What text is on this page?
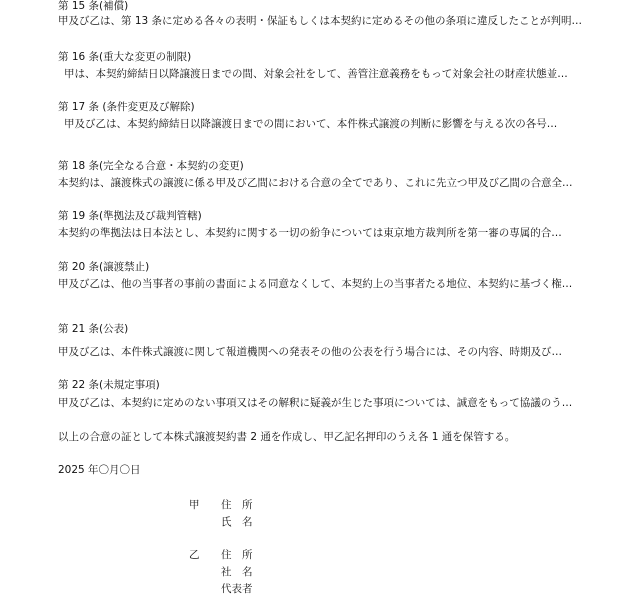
第 15 条(補償)
甲及び乙は、第 13 条に定める各々の表明・保証もしくは本契約に定めるその他の条項に違反したことが判明…
第 16 条(重大な変更の制限)
甲は、本契約締結日以降譲渡日までの間、対象会社をして、善管注意義務をもって対象会社の財産状態並…
第 17 条 (条件変更及び解除)
甲及び乙は、本契約締結日以降譲渡日までの間において、本件株式譲渡の判断に影響を与える次の各号…
第 18 条(完全なる合意・本契約の変更)
本契約は、譲渡株式の譲渡に係る甲及び乙間における合意の全てであり、これに先立つ甲及び乙間の合意全…
第 19 条(準拠法及び裁判管轄)
本契約の準拠法は日本法とし、本契約に関する一切の紛争については東京地方裁判所を第一審の専属的合…
第 20 条(譲渡禁止)
甲及び乙は、他の当事者の事前の書面による同意なくして、本契約上の当事者たる地位、本契約に基づく権…
第 21 条(公表)
甲及び乙は、本件株式譲渡に関して報道機関への発表その他の公表を行う場合には、その内容、時期及び…
第 22 条(未規定事項)
甲及び乙は、本契約に定めのない事項又はその解釈に疑義が生じた事項については、誠意をもって協議のう…
以上の合意の証として本株式譲渡契約書 2 通を作成し、甲乙記名押印のうえ各 1 通を保管する。
2025 年〇月〇日
甲 住　所
氏　名
乙 住　所
社　名
代表者
